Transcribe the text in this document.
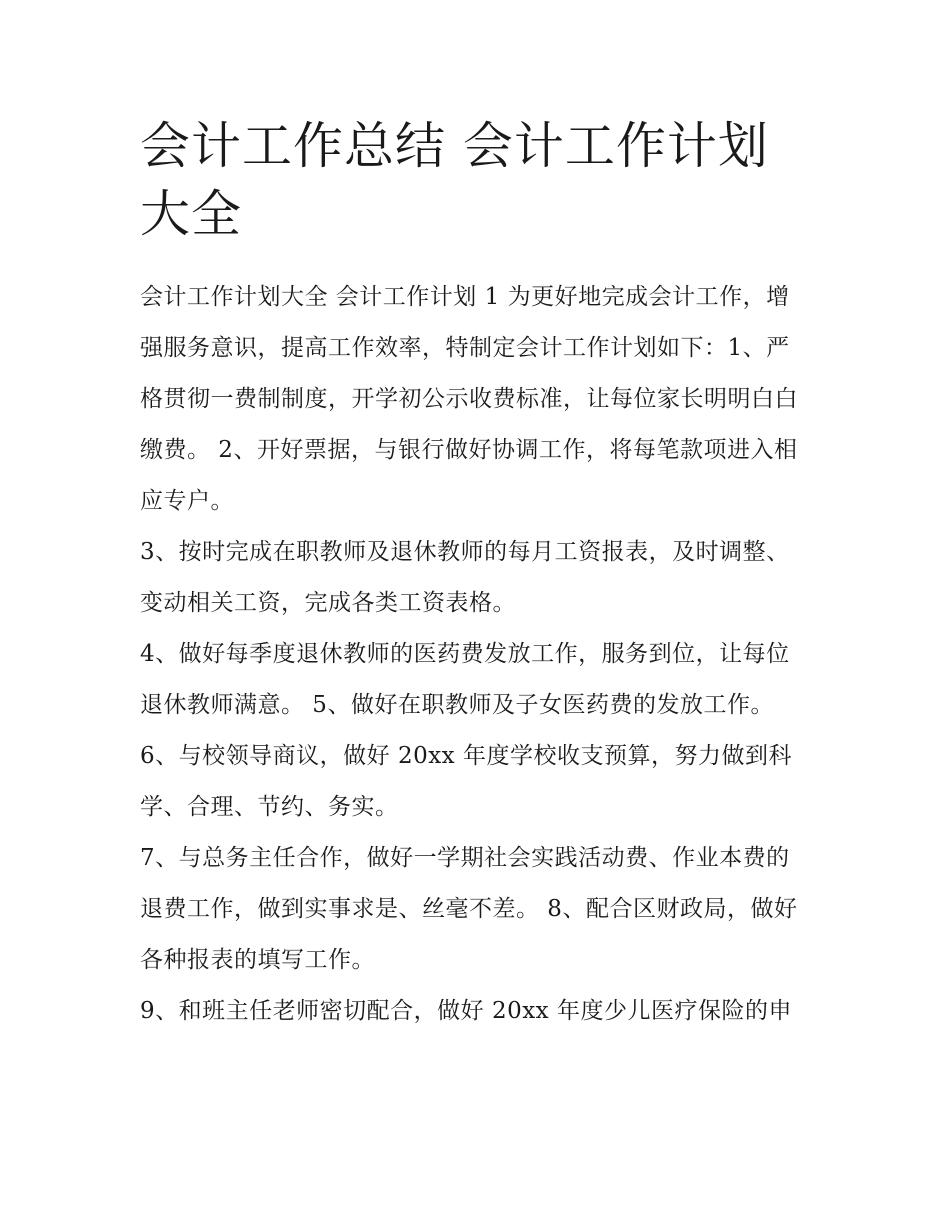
会计工作总结 会计工作计划大全

会计工作计划大全 会计工作计划 1 为更好地完成会计工作，增强服务意识，提高工作效率，特制定会计工作计划如下：1、严格贯彻一费制制度，开学初公示收费标准，让每位家长明明白白缴费。 2、开好票据，与银行做好协调工作，将每笔款项进入相应专户。

3、按时完成在职教师及退休教师的每月工资报表，及时调整、变动相关工资，完成各类工资表格。

4、做好每季度退休教师的医药费发放工作，服务到位，让每位退休教师满意。 5、做好在职教师及子女医药费的发放工作。

6、与校领导商议，做好 20xx 年度学校收支预算，努力做到科学、合理、节约、务实。

7、与总务主任合作，做好一学期社会实践活动费、作业本费的退费工作，做到实事求是、丝毫不差。 8、配合区财政局，做好各种报表的填写工作。

9、和班主任老师密切配合，做好 20xx 年度少儿医疗保险的申
